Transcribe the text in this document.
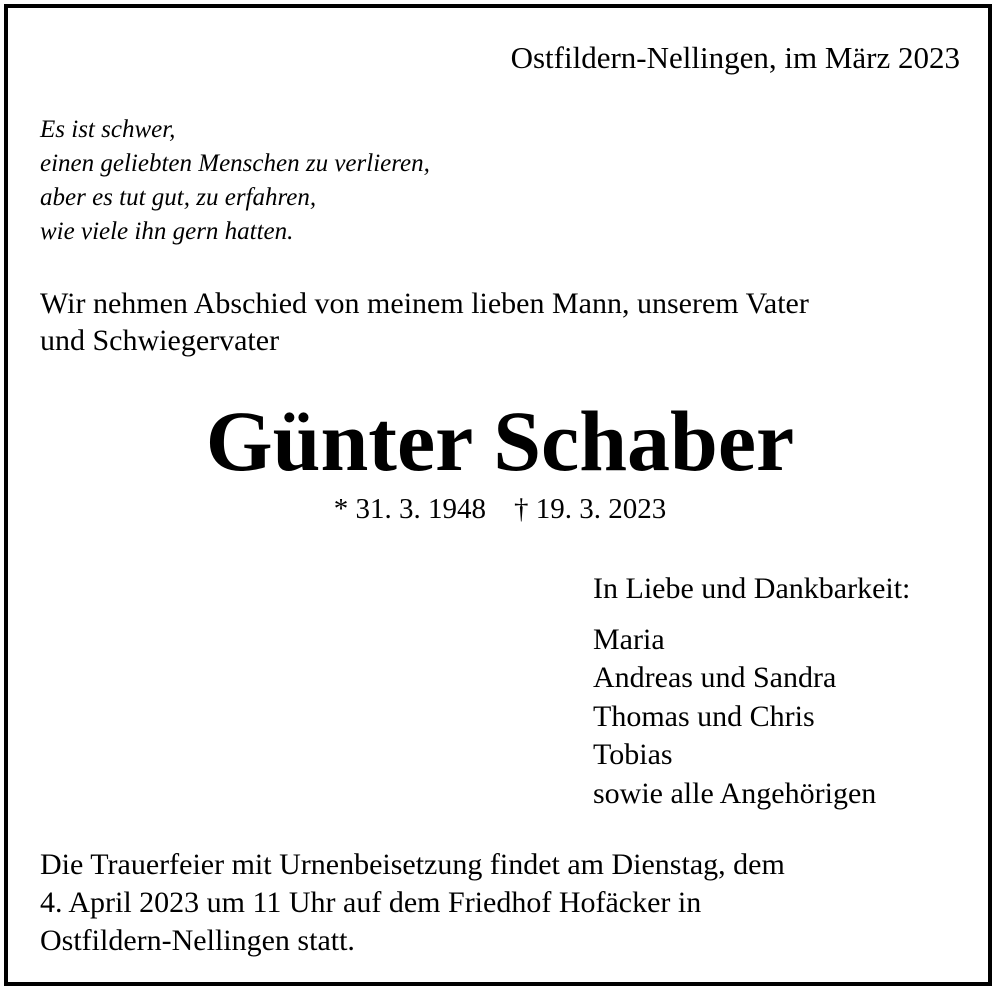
Ostfildern-Nellingen, im März 2023
Es ist schwer,
einen geliebten Menschen zu verlieren,
aber es tut gut, zu erfahren,
wie viele ihn gern hatten.
Wir nehmen Abschied von meinem lieben Mann, unserem Vater
und Schwiegervater
Günter Schaber
* 31. 3. 1948 † 19. 3. 2023
In Liebe und Dankbarkeit:
Maria
Andreas und Sandra
Thomas und Chris
Tobias
sowie alle Angehörigen
Die Trauerfeier mit Urnenbeisetzung findet am Dienstag, dem
4. April 2023 um 11 Uhr auf dem Friedhof Hofäcker in
Ostfildern-Nellingen statt.
